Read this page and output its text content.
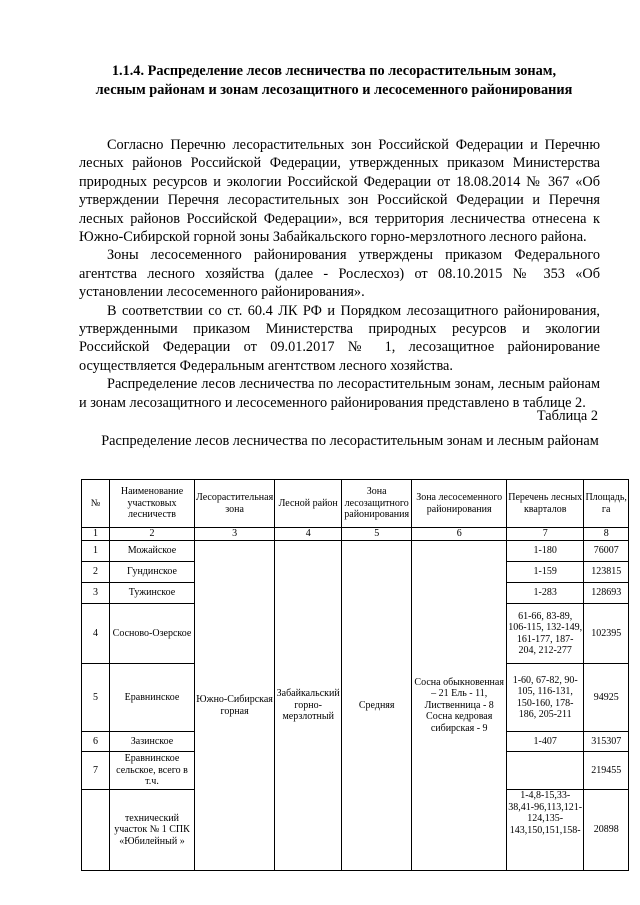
1.1.4. Распределение лесов лесничества по лесорастительным зонам,
лесным районам и зонам лесозащитного и лесосеменного районирования

Согласно Перечню лесорастительных зон Российской Федерации и Перечню лесных районов Российской Федерации, утвержденных приказом Министерства природных ресурсов и экологии Российской Федерации от 18.08.2014 № 367 «Об утверждении Перечня лесорастительных зон Российской Федерации и Перечня лесных районов Российской Федерации», вся территория лесничества отнесена к Южно-Сибирской горной зоны Забайкальского горно-мерзлотного лесного района.

Зоны лесосеменного районирования утверждены приказом Федерального агентства лесного хозяйства (далее - Рослесхоз) от 08.10.2015 № 353 «Об установлении лесосеменного районирования».

В соответствии со ст. 60.4 ЛК РФ и Порядком лесозащитного районирования, утвержденными приказом Министерства природных ресурсов и экологии Российской Федерации от 09.01.2017 № 1, лесозащитное районирование осуществляется Федеральным агентством лесного хозяйства.

Распределение лесов лесничества по лесорастительным зонам, лесным районам и зонам лесозащитного и лесосеменного районирования представлено в таблице 2.

Таблица 2
Распределение лесов лесничества по лесорастительным зонам и лесным районам
№	Наименование участковых лесничеств	Лесорастительная зона	Лесной район	Зона лесозащитного районирования	Зона лесосеменного районирования	Перечень лесных кварталов	Площадь, га
1	2	3	4	5	6	7	8
1	Можайское	Южно-Сибирская горная	Забайкальский горно-мерзлотный	Средняя	Сосна обыкновенная – 21 Ель - 11, Лиственница - 8 Сосна кедровая сибирская - 9	1-180	76007
2	Гундинское					1-159	123815
3	Тужинское					1-283	128693
4	Сосново-Озерское					61-66, 83-89, 106-115, 132-149, 161-177, 187-204, 212-277	102395
5	Еравнинское					1-60, 67-82, 90-105, 116-131, 150-160, 178-186, 205-211	94925
6	Зазинское					1-407	315307
7	Еравнинское сельское, всего в т.ч.						219455
	технический участок № 1 СПК «Юбилейный »					1-4,8-15,33-38,41-96,113,121-124,135-143,150,151,158-	20898
